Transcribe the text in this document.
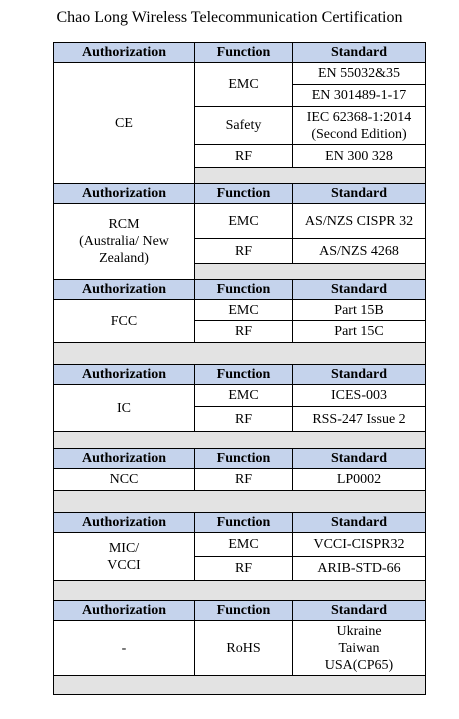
Chao Long Wireless Telecommunication Certification
Authorization	Function	Standard
CE	EMC	EN 55032&35
		EN 301489-1-17
	Safety	IEC 62368-1:2014
(Second Edition)

	RF	EN 300 328

Authorization	Function	Standard

RCM
(Australia/ New
Zealand)	EMC	AS/NZS CISPR 32
	RF	AS/NZS 4268

Authorization	Function	Standard
FCC	EMC	Part 15B
	RF	Part 15C

Authorization	Function	Standard
IC	EMC	ICES-003
	RF	RSS-247 Issue 2

Authorization	Function	Standard
NCC	RF	LP0002

Authorization	Function	Standard

MIC/
VCCI	EMC	VCCI-CISPR32
	RF	ARIB-STD-66

Authorization	Function	Standard
-	RoHS	Ukraine
Taiwan
USA(CP65)
